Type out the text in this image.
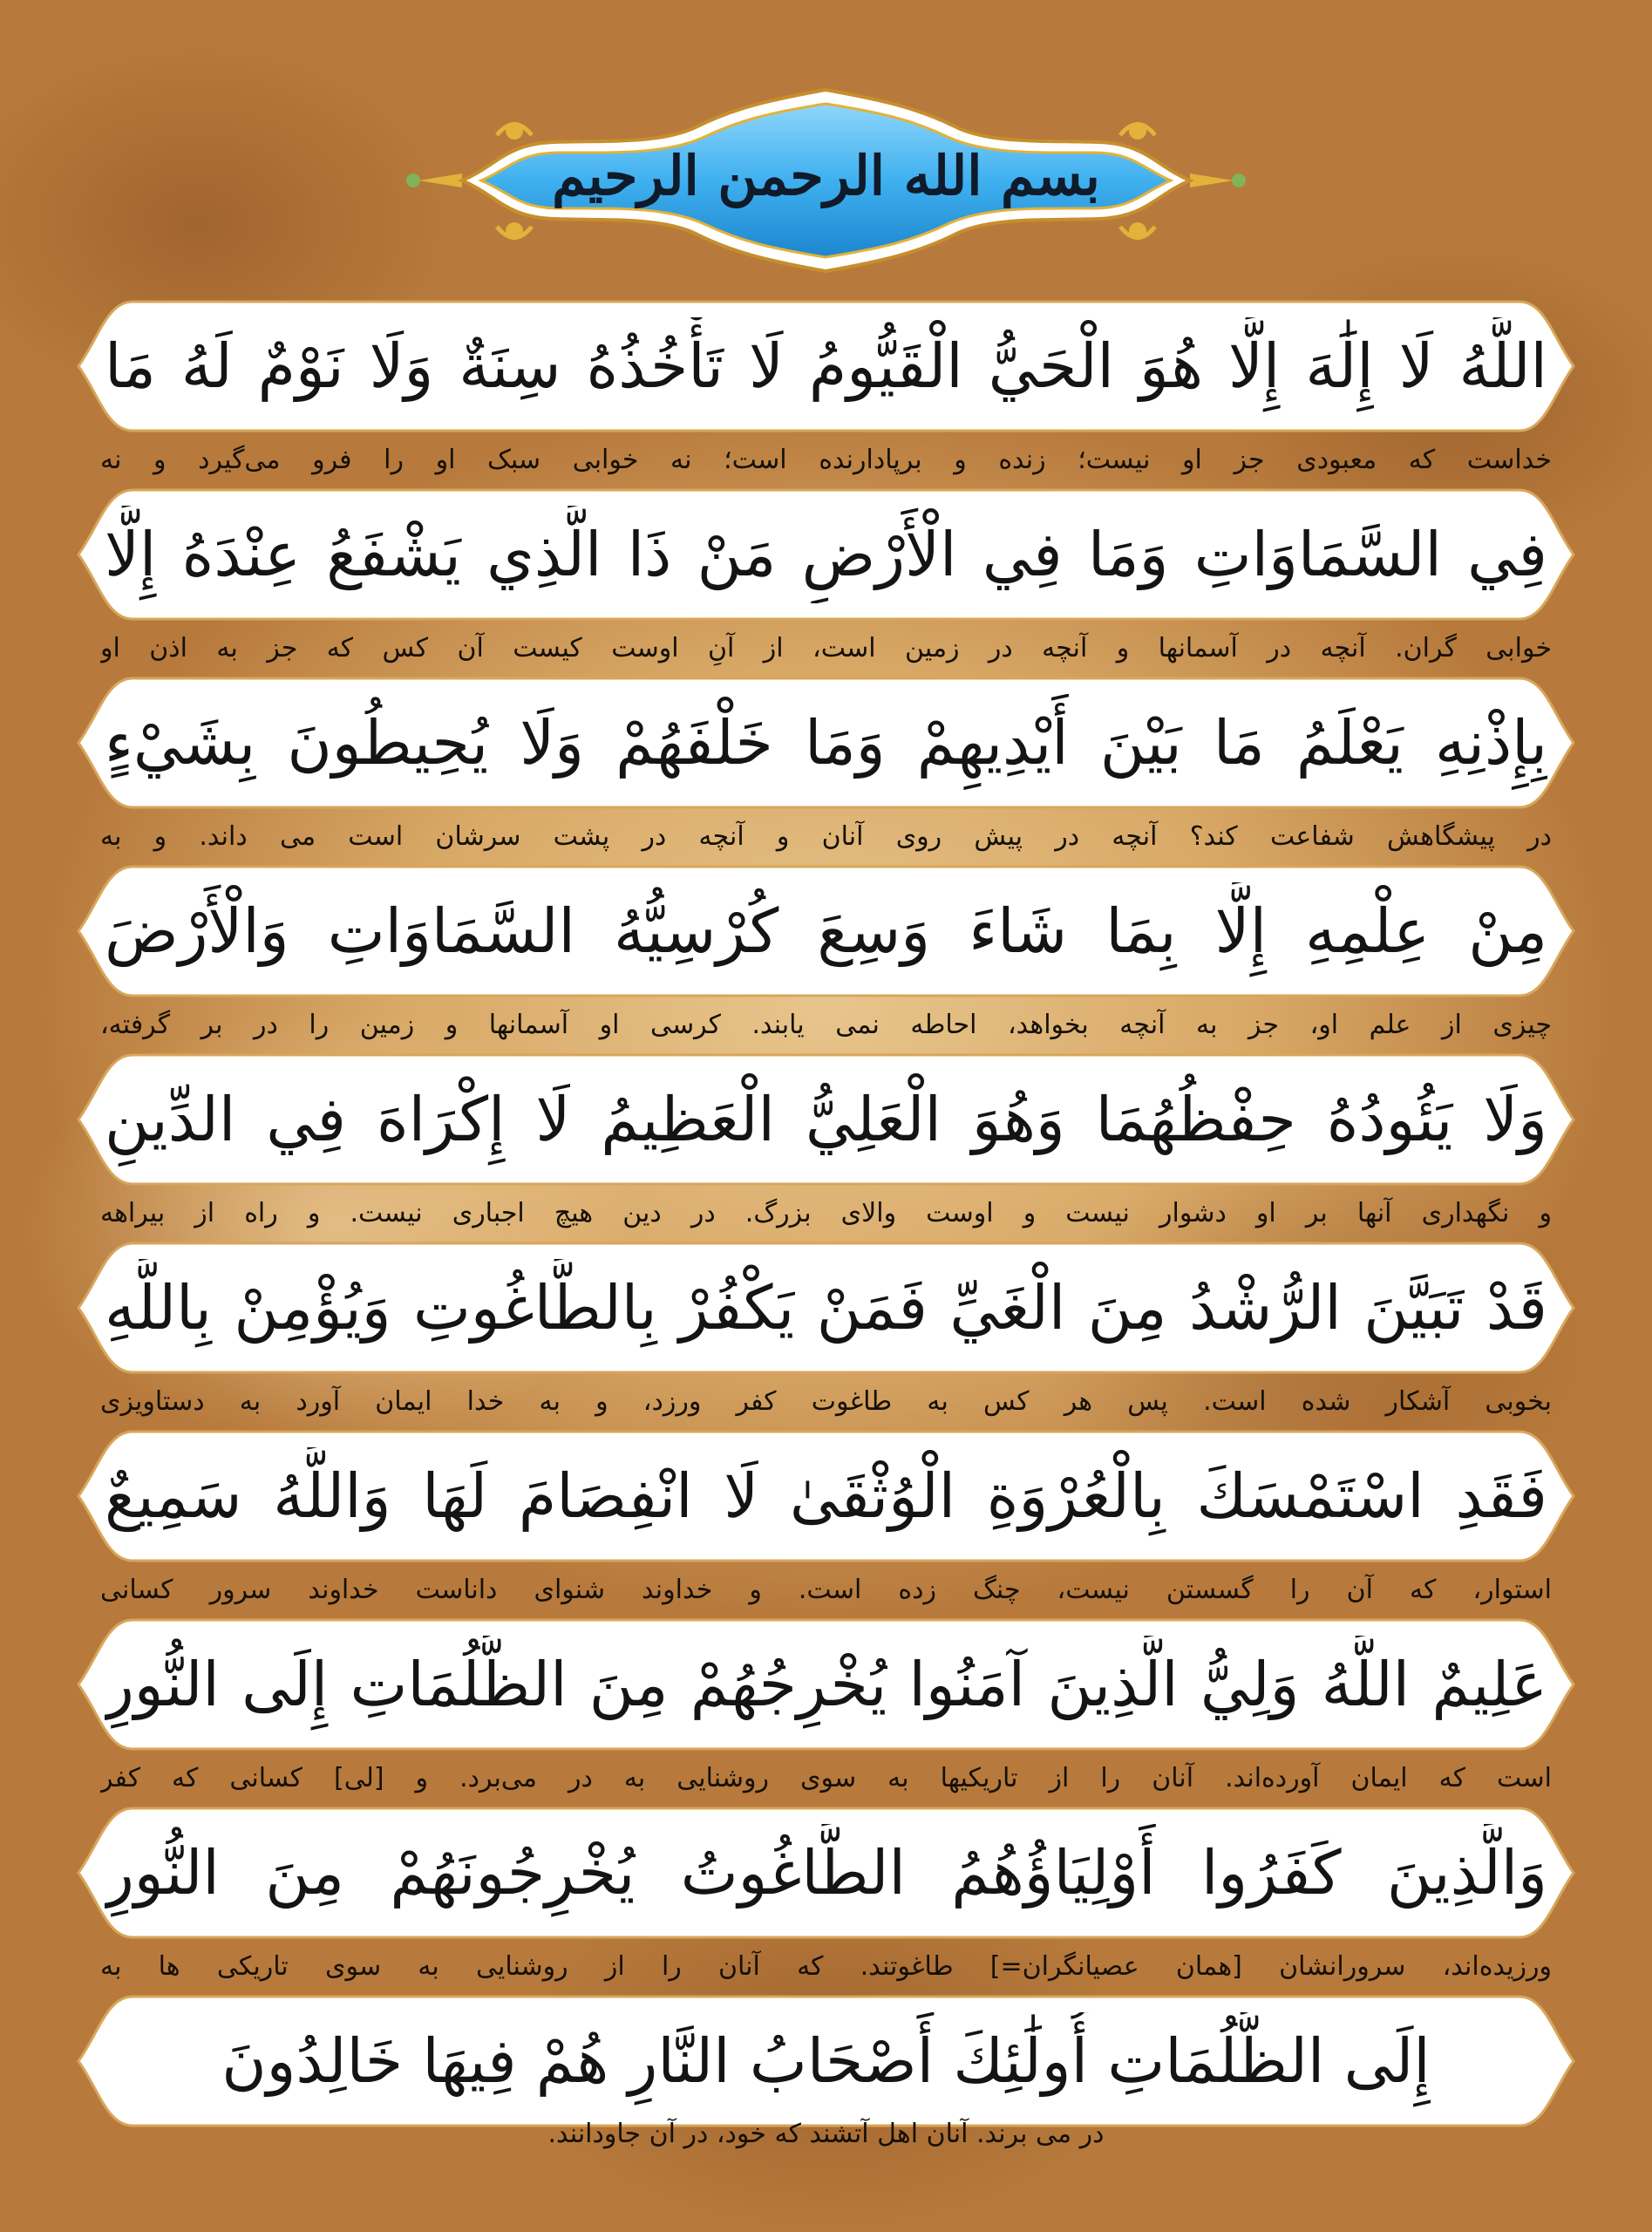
بسم الله الرحمن الرحیم
اللَّهُ لَا إِلَٰهَ إِلَّا هُوَ الْحَيُّ الْقَيُّومُ لَا تَأْخُذُهُ سِنَةٌ وَلَا نَوْمٌ لَهُ مَا
خداست که معبودی جز او نیست؛ زنده و برپادارنده است؛ نه خوابی سبک او را فرو می‌گیرد و نه
فِي السَّمَاوَاتِ وَمَا فِي الْأَرْضِ مَنْ ذَا الَّذِي يَشْفَعُ عِنْدَهُ إِلَّا
خوابی گران. آنچه در آسمانها و آنچه در زمین است، از آنِ اوست کیست آن کس که جز به اذن او
بِإِذْنِهِ يَعْلَمُ مَا بَيْنَ أَيْدِيهِمْ وَمَا خَلْفَهُمْ وَلَا يُحِيطُونَ بِشَيْءٍ
در پیشگاهش شفاعت کند؟ آنچه در پیش روی آنان و آنچه در پشت سرشان است می داند. و به
مِنْ عِلْمِهِ إِلَّا بِمَا شَاءَ وَسِعَ كُرْسِيُّهُ السَّمَاوَاتِ وَالْأَرْضَ
چیزی از علم او، جز به آنچه بخواهد، احاطه نمی یابند. کرسی او آسمانها و زمین را در بر گرفته،
وَلَا يَئُودُهُ حِفْظُهُمَا وَهُوَ الْعَلِيُّ الْعَظِيمُ لَا إِكْرَاهَ فِي الدِّينِ
و نگهداری آنها بر او دشوار نیست و اوست والای بزرگ. در دین هیچ اجباری نیست. و راه از بیراهه
قَدْ تَبَيَّنَ الرُّشْدُ مِنَ الْغَيِّ فَمَنْ يَكْفُرْ بِالطَّاغُوتِ وَيُؤْمِنْ بِاللَّهِ
بخوبی آشکار شده است. پس هر کس به طاغوت کفر ورزد، و به خدا ایمان آورد به دستاویزی
فَقَدِ اسْتَمْسَكَ بِالْعُرْوَةِ الْوُثْقَىٰ لَا انْفِصَامَ لَهَا وَاللَّهُ سَمِيعٌ
استوار، که آن را گسستن نیست، چنگ زده است. و خداوند شنوای داناست خداوند سرور کسانی
عَلِيمٌ اللَّهُ وَلِيُّ الَّذِينَ آمَنُوا يُخْرِجُهُمْ مِنَ الظُّلُمَاتِ إِلَى النُّورِ
است که ایمان آورده‌اند. آنان را از تاریکیها به سوی روشنایی به در می‌برد. و [لی] کسانی که کفر
وَالَّذِينَ كَفَرُوا أَوْلِيَاؤُهُمُ الطَّاغُوتُ يُخْرِجُونَهُمْ مِنَ النُّورِ
ورزیده‌اند، سرورانشان [همان عصیانگران=] طاغوتند. که آنان را از روشنایی به سوی تاریکی ها به
إِلَى الظُّلُمَاتِ أُولَٰئِكَ أَصْحَابُ النَّارِ هُمْ فِيهَا خَالِدُونَ
در می برند. آنان اهل آتشند که خود، در آن جاودانند.
